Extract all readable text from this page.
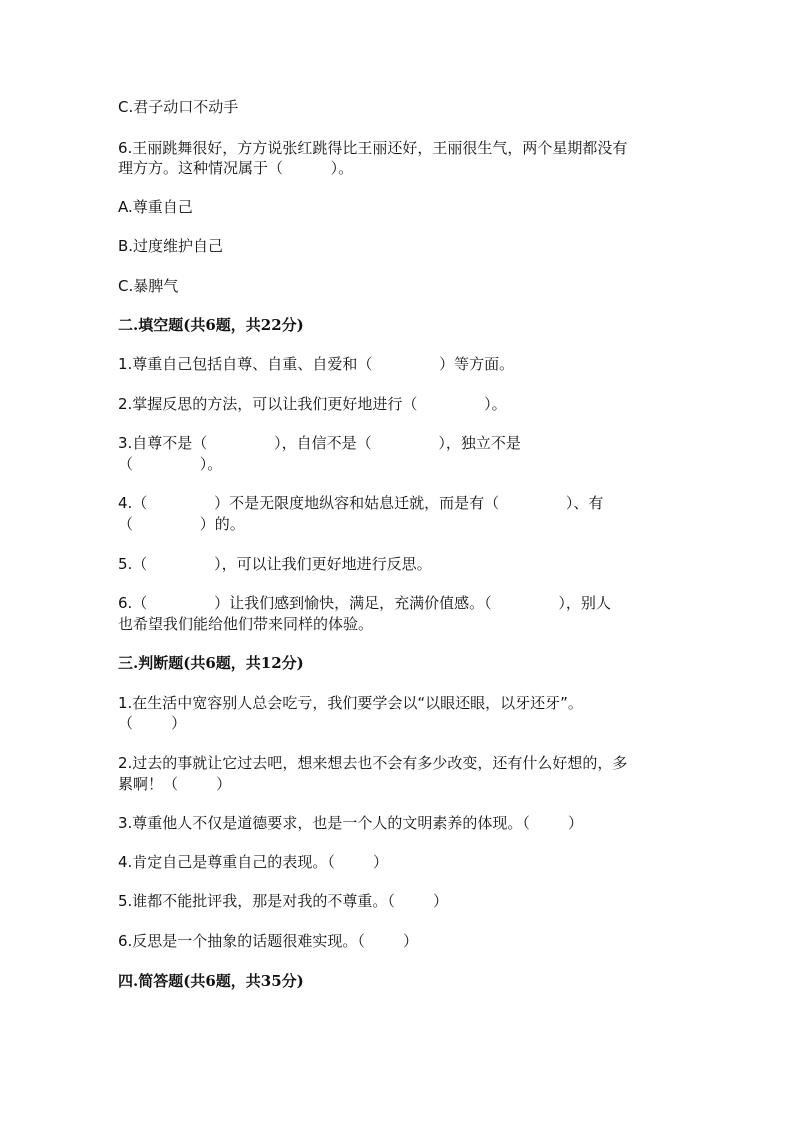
C.君子动口不动手

6.王丽跳舞很好，方方说张红跳得比王丽还好，王丽很生气，两个星期都没有

理方方。这种情况属于（          ）。

A.尊重自己

B.过度维护自己

C.暴脾气

二.填空题(共6题，共22分)

1.尊重自己包括自尊、自重、自爱和（              ）等方面。

2.掌握反思的方法，可以让我们更好地进行（              ）。

3.自尊不是（              ），自信不是（              ），独立不是

（              ）。

4.（              ）不是无限度地纵容和姑息迁就，而是有（              ）、有

（              ）的。

5.（              ），可以让我们更好地进行反思。

6.（              ）让我们感到愉快，满足，充满价值感。（              ），别人

也希望我们能给他们带来同样的体验。

三.判断题(共6题，共12分)

1.在生活中宽容别人总会吃亏，我们要学会以“以眼还眼，以牙还牙”。

（        ）

2.过去的事就让它过去吧，想来想去也不会有多少改变，还有什么好想的，多

累啊！（        ）

3.尊重他人不仅是道德要求，也是一个人的文明素养的体现。（        ）

4.肯定自己是尊重自己的表现。（        ）

5.谁都不能批评我，那是对我的不尊重。（        ）

6.反思是一个抽象的话题很难实现。（        ）

四.简答题(共6题，共35分)
